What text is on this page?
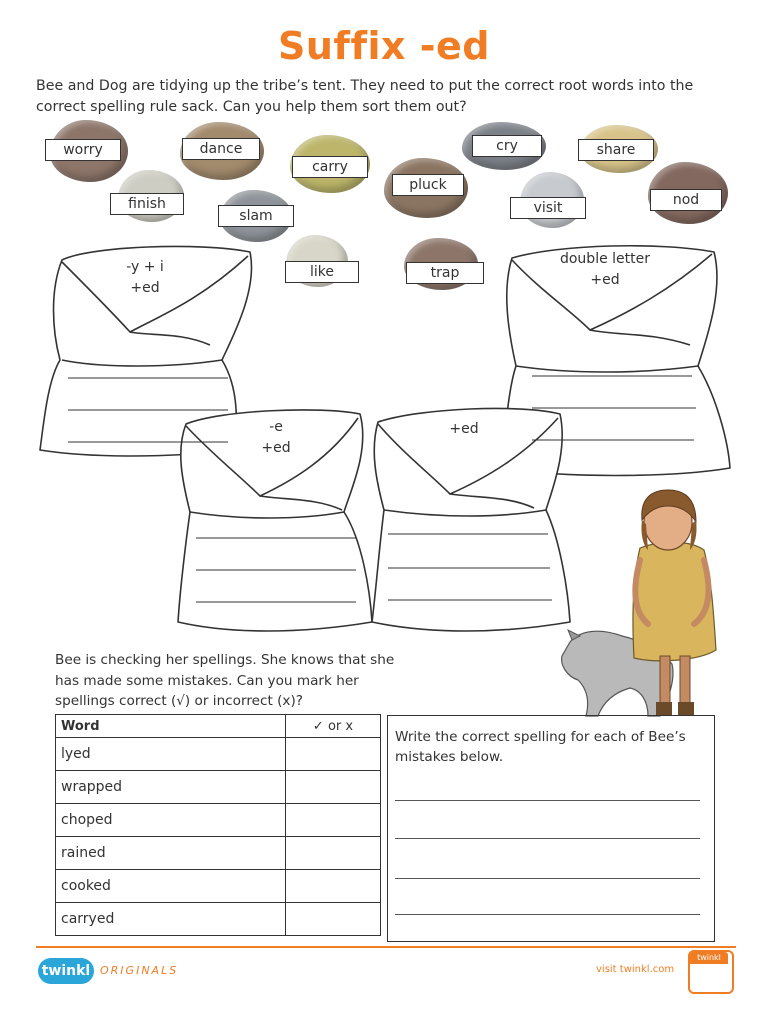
Suffix -ed
Bee and Dog are tidying up the tribe’s tent. They need to put the correct root words into the correct spelling rule sack. Can you help them sort them out?
worry	dance
carry
cry	share
finish
slam
pluck
visit	nod
like	trap
-y + i
+ed
double letter
+ed
-e
+ed
+ed
Bee is checking her spellings. She knows that she has made some mistakes. Can you mark her spellings correct (√) or incorrect (x)?
Word	✓ or x
lyed	
wrapped	
choped	
rained	
cooked	
carryed	
Write the correct spelling for each of Bee’s mistakes below.
twinkl ORIGINALS	visit twinkl.com
twinkl
